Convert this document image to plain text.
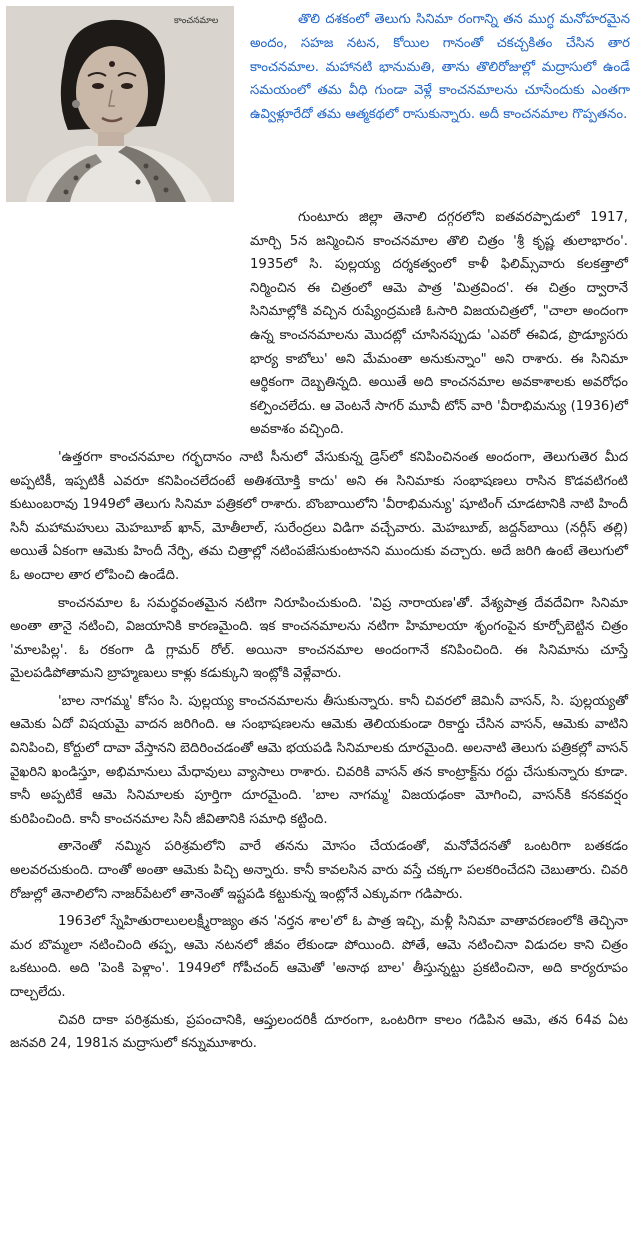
కాంచనమాల	తొలి దశకంలో తెలుగు సినిమా రంగాన్ని తన ముగ్ధ మనోహరమైన అందం, సహజ నటన, కోయిల గానంతో చకచ్చకితం చేసిన తార కాంచనమాల. మహానటి భానుమతి, తాను తొలిరోజుల్లో మద్రాసులో ఉండే సమయంలో తమ వీధి గుండా వెళ్లే కాంచనమాలను చూసేందుకు ఎంతగా ఉవ్విళ్లూరేదో తమ ఆత్మకథలో రాసుకున్నారు. అదీ కాంచనమాల గొప్పతనం.

గుంటూరు జిల్లా తెనాలి దగ్గరలోని ఐతవరప్పాడులో 1917, మార్చి 5న జన్మించిన కాంచనమాల తొలి చిత్రం 'శ్రీ కృష్ణ తులాభారం'. 1935లో సి. పుల్లయ్య దర్శకత్వంలో కాళీ ఫిలిమ్స్‌వారు కలకత్తాలో నిర్మించిన ఈ చిత్రంలో ఆమె పాత్ర 'మిత్రవింద'. ఈ చిత్రం ద్వారానే సినిమాల్లోకి వచ్చిన రుష్యేంద్రమణి ఓసారి విజయచిత్రలో, "చాలా అందంగా ఉన్న కాంచనమాలను మొదట్లో చూసినప్పుడు 'ఎవరో ఈవిడ, ప్రొడ్యూసరు భార్య కాబోలు' అని మేమంతా అనుకున్నాం" అని రాశారు. ఈ సినిమా ఆర్థికంగా దెబ్బతిన్నది. అయితే అది కాంచనమాల అవకాశాలకు అవరోధం కల్పించలేదు. ఆ వెంటనే సాగర్ మూవీ టోన్ వారి 'వీరాభిమన్యు (1936)లో అవకాశం వచ్చింది.

'ఉత్తరగా కాంచనమాల గర్భదానం నాటి సీనులో వేసుకున్న డ్రెస్‌లో కనిపించినంత అందంగా, తెలుగుతెర మీద అప్పటికీ, ఇప్పటికీ ఎవరూ కనిపించలేదంటే అతిశయోక్తి కాదు' అని ఈ సినిమాకు సంభాషణలు రాసిన కొడవటిగంటి కుటుంబరావు 1949లో తెలుగు సినిమా పత్రికలో రాశారు. బొంబాయిలోని 'వీరాభిమన్యు' షూటింగ్ చూడటానికి నాటి హిందీ సినీ మహామహులు మెహబూబ్ ఖాన్, మోతీలాల్, సురేంద్రలు విడిగా వచ్చేవారు. మెహబూబ్, జద్దన్‌బాయి (నర్గీస్ తల్లి) అయితే ఏకంగా ఆమెకు హిందీ నేర్పి, తమ చిత్రాల్లో నటింపజేసుకుంటానని ముందుకు వచ్చారు. అదే జరిగి ఉంటే తెలుగులో ఓ అందాల తార లోపించి ఉండేది.

కాంచనమాల ఓ సమర్థవంతమైన నటిగా నిరూపించుకుంది. 'విప్ర నారాయణ'తో. వేశ్యపాత్ర దేవదేవిగా సినిమా అంతా తానై నటించి, విజయానికి కారణమైంది. ఇక కాంచనమాలను నటిగా హిమాలయా శృంగంపైన కూర్చోబెట్టిన చిత్రం 'మాలపిల్ల'. ఓ రకంగా డి గ్లామర్ రోల్. అయినా కాంచనమాల అందంగానే కనిపించింది. ఈ సినిమాను చూస్తే మైలపడిపోతామని బ్రాహ్మణులు కాళ్లు కడుక్కుని ఇంట్లోకి వెళ్లేవారు.

'బాల నాగమ్మ' కోసం సి. పుల్లయ్య కాంచనమాలను తీసుకున్నారు. కానీ చివరలో జెమినీ వాసన్, సి. పుల్లయ్యతో ఆమెకు ఏదో విషయమై వాదన జరిగింది. ఆ సంభాషణలను ఆమెకు తెలియకుండా రికార్డు చేసిన వాసన్, ఆమెకు వాటిని వినిపించి, కోర్టులో దావా వేస్తానని బెదిరించడంతో ఆమె భయపడి సినిమాలకు దూరమైంది. అలనాటి తెలుగు పత్రికల్లో వాసన్ వైఖరిని ఖండిస్తూ, అభిమానులు మేధావులు వ్యాసాలు రాశారు. చివరికి వాసన్ తన కాంట్రాక్ట్‌ను రద్దు చేసుకున్నారు కూడా. కానీ అప్పటికే ఆమె సినిమాలకు పూర్తిగా దూరమైంది. 'బాల నాగమ్మ' విజయఢంకా మోగించి, వాసన్‌కి కనకవర్షం కురిపించింది. కానీ కాంచనమాల సినీ జీవితానికి సమాధి కట్టింది.

తానెంతో నమ్మిన పరిశ్రమలోని వారే తనను మోసం చేయడంతో, మనోవేదనతో ఒంటరిగా బతకడం అలవరచుకుంది. దాంతో అంతా ఆమెకు పిచ్చి అన్నారు. కానీ కావలసిన వారు వస్తే చక్కగా పలకరించేదని చెబుతారు. చివరి రోజుల్లో తెనాలిలోని నాజర్‌పేటలో తానెంతో ఇష్టపడి కట్టుకున్న ఇంట్లోనే ఎక్కువగా గడిపారు.

1963లో స్నేహితురాలులలక్ష్మీరాజ్యం తన 'నర్తన శాల'లో ఓ పాత్ర ఇచ్చి, మళ్లీ సినిమా వాతావరణంలోకి తెచ్చినా మర బొమ్మలా నటించింది తప్ప, ఆమె నటనలో జీవం లేకుండా పోయింది. పోతే, ఆమె నటించినా విడుదల కాని చిత్రం ఒకటుంది. అది 'పెంకి పెళ్లాం'. 1949లో గోపీచంద్ ఆమెతో 'అనాథ బాల' తీస్తున్నట్టు ప్రకటించినా, అది కార్యరూపం దాల్చలేదు.

చివరి దాకా పరిశ్రమకు, ప్రపంచానికి, ఆప్తులందరికీ దూరంగా, ఒంటరిగా కాలం గడిపిన ఆమె, తన 64వ ఏట జనవరి 24, 1981న మద్రాసులో కన్నుమూశారు.
